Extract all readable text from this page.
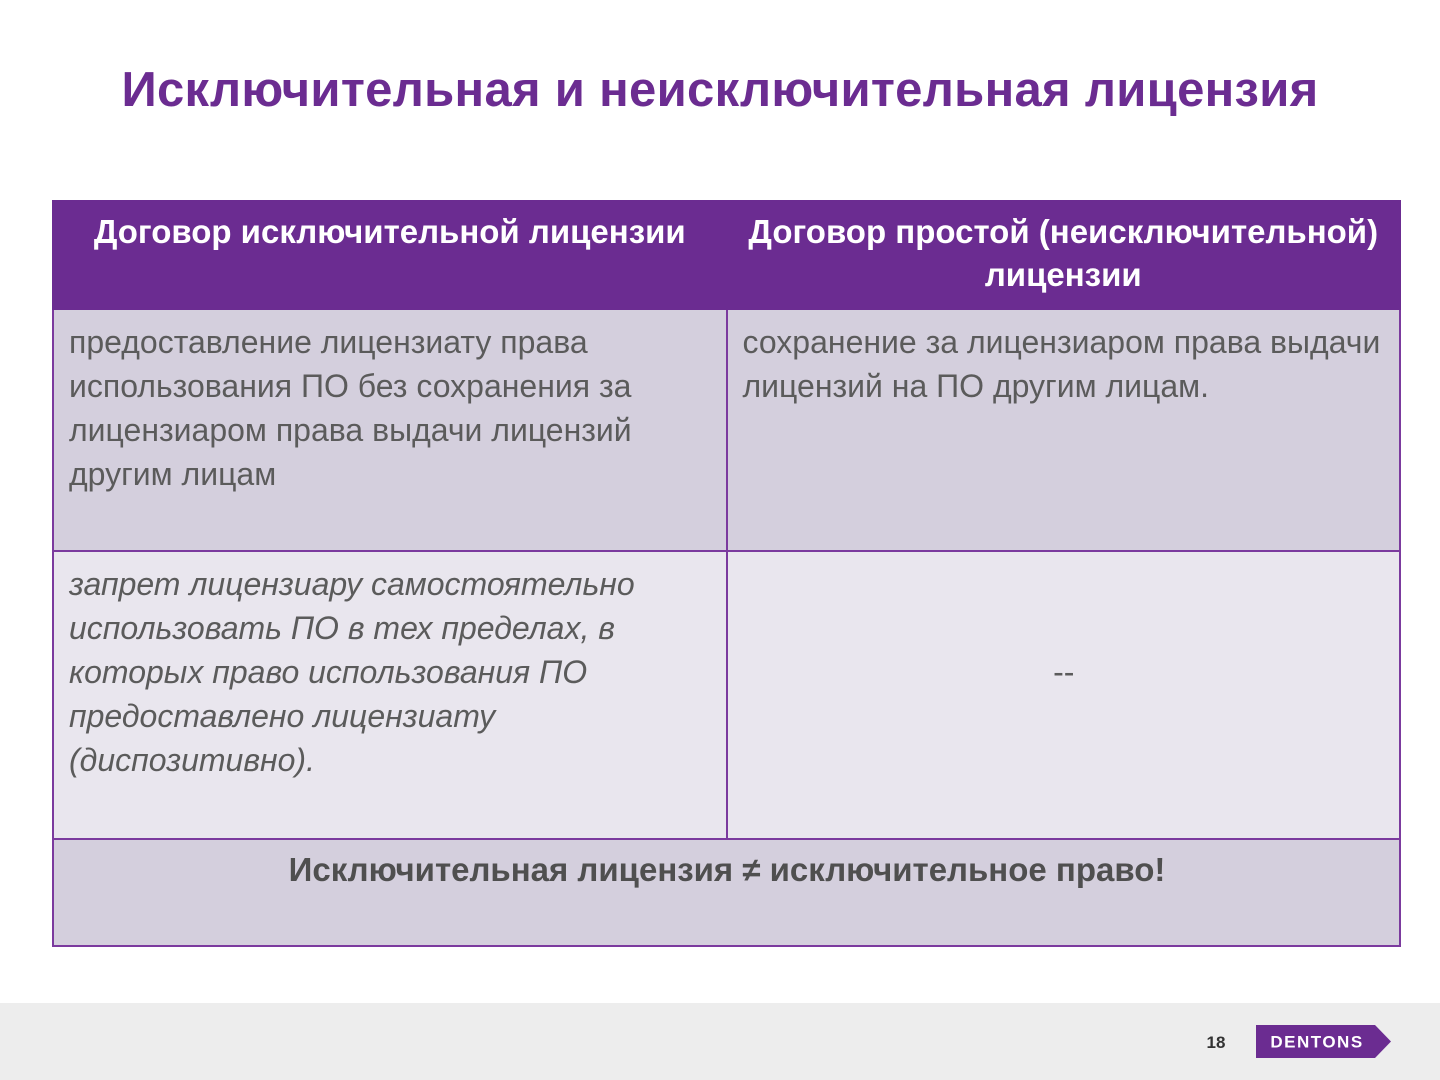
Исключительная и неисключительная лицензия
Договор исключительной лицензии	Договор простой (неисключительной) лицензии
предоставление лицензиату права использования ПО без сохранения за лицензиаром права выдачи лицензий другим лицам	сохранение за лицензиаром права выдачи лицензий на ПО другим лицам.
запрет лицензиару самостоятельно использовать ПО в тех пределах, в которых право использования ПО предоставлено лицензиату (диспозитивно).	--
Исключительная лицензия ≠ исключительное право!	
18	DENTONS
